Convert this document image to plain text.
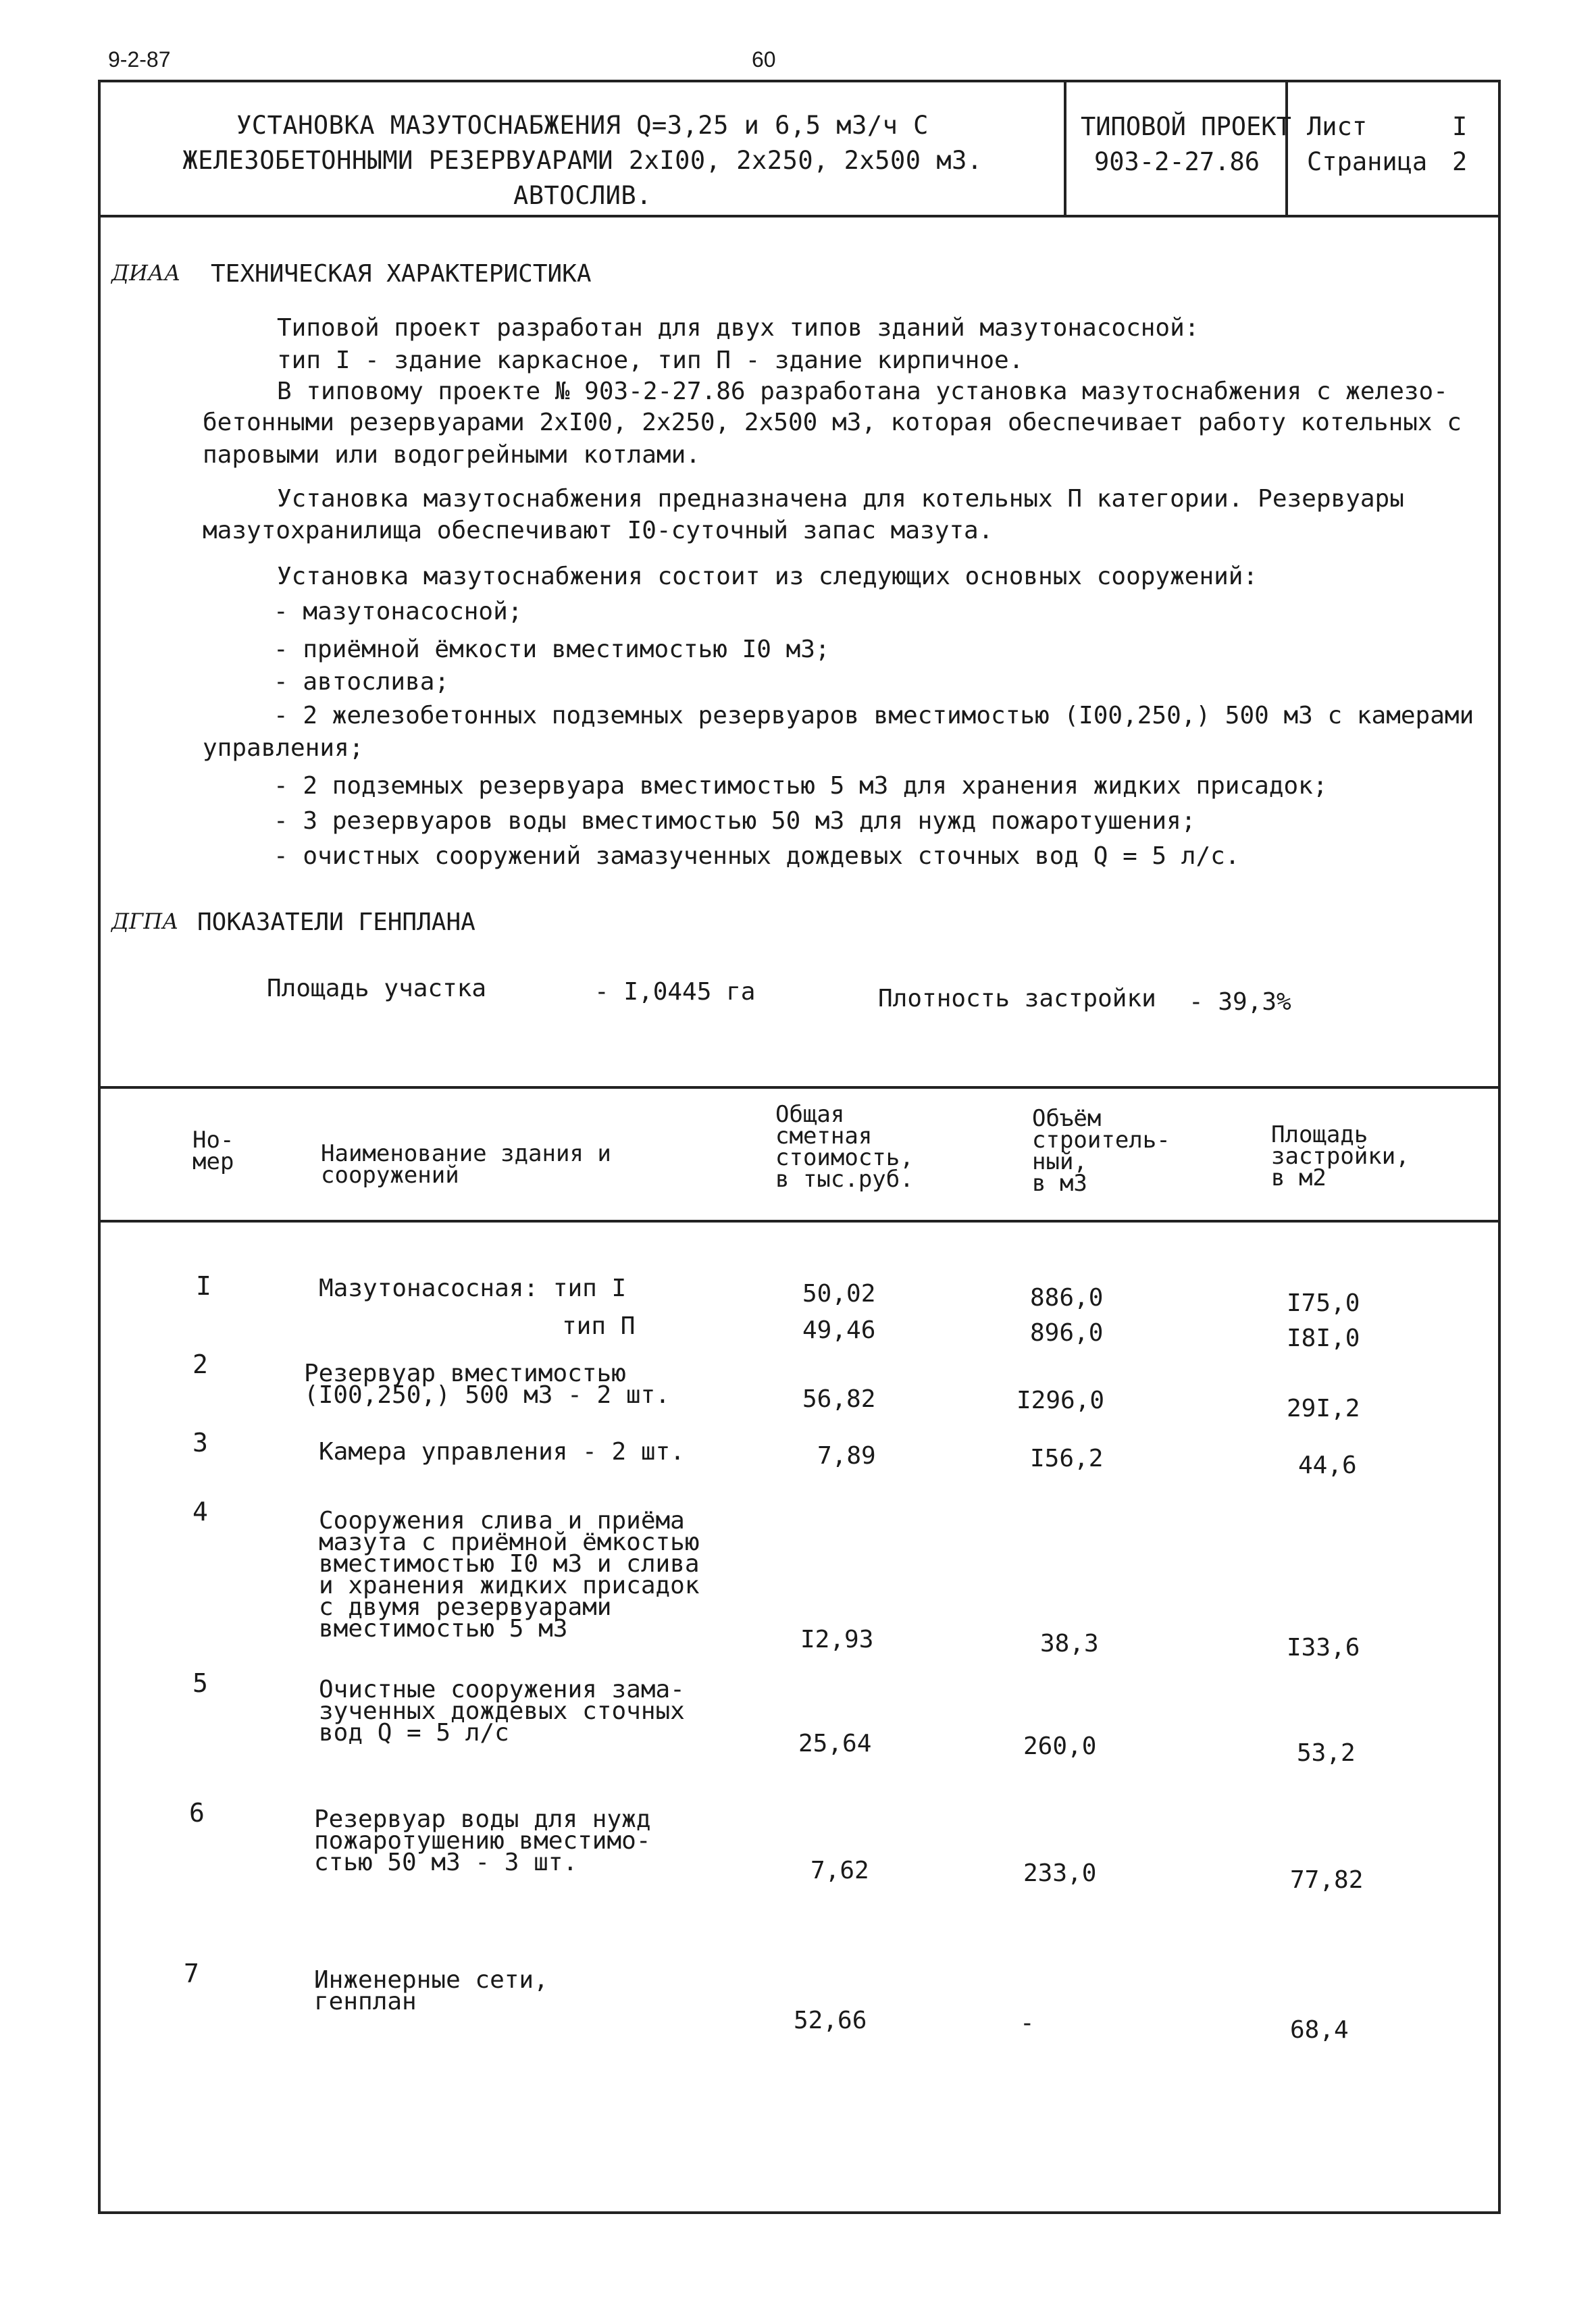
9-2-87	60
УСТАНОВКА МАЗУТОСНАБЖЕНИЯ Q=3,25 и 6,5 м3/ч С
ЖЕЛЕЗОБЕТОННЫМИ РЕЗЕРВУАРАМИ 2хI00, 2х250, 2х500 м3.
АВТОСЛИВ.
ТИПОВОЙ ПРОЕКТ
903-2-27.86
Лист	I
Страница 2
ДИАА ТЕХНИЧЕСКАЯ ХАРАКТЕРИСТИКА
Типовой проект разработан для двух типов зданий мазутонасосной:
тип I - здание каркасное, тип П - здание кирпичное.
В типовому проекте № 903-2-27.86 разработана установка мазутоснабжения с железо-
бетонными резервуарами 2хI00, 2х250, 2х500 м3, которая обеспечивает работу котельных с
паровыми или водогрейными котлами.
Установка мазутоснабжения предназначена для котельных П категории. Резервуары
мазутохранилища обеспечивают I0-суточный запас мазута.
Установка мазутоснабжения состоит из следующих основных сооружений:
- мазутонасосной;
- приёмной ёмкости вместимостью I0 м3;
- автослива;
- 2 железобетонных подземных резервуаров вместимостью (I00,250,) 500 м3 с камерами
управления;
- 2 подземных резервуара вместимостью 5 м3 для хранения жидких присадок;
- 3 резервуаров воды вместимостью 50 м3 для нужд пожаротушения;
- очистных сооружений замазученных дождевых сточных вод Q = 5 л/с.
ДГПА ПОКАЗАТЕЛИ ГЕНПЛАНА
Площадь участка	- I,0445 га	Плотность застройки - 39,3%
Но-
мер	Наименование здания и
сооружений
Общая
сметная
стоимость,
в тыс.руб.
Объём
строитель-
ный,
в м3
Площадь
застройки,
в м2
I	Мазутонасосная: тип I	50,02	886,0	I75,0
тип П	49,46	896,0	I8I,0
2	Резервуар вместимостью
(I00,250,) 500 м3 - 2 шт.	56,82	I296,0	29I,2
3	Камера управления - 2 шт.	7,89	I56,2	44,6
4	Сооружения слива и приёма
мазута с приёмной ёмкостью
вместимостью I0 м3 и слива
и хранения жидких присадок
с двумя резервуарами
вместимостью 5 м3	I2,93	38,3	I33,6
5	Очистные сооружения зама-
зученных дождевых сточных
вод Q = 5 л/с	25,64	260,0	53,2
6	Резервуар воды для нужд
пожаротушению вместимо-
стью 50 м3 - 3 шт.	7,62	233,0	77,82
7	Инженерные сети,
генплан
52,66	-	68,4
